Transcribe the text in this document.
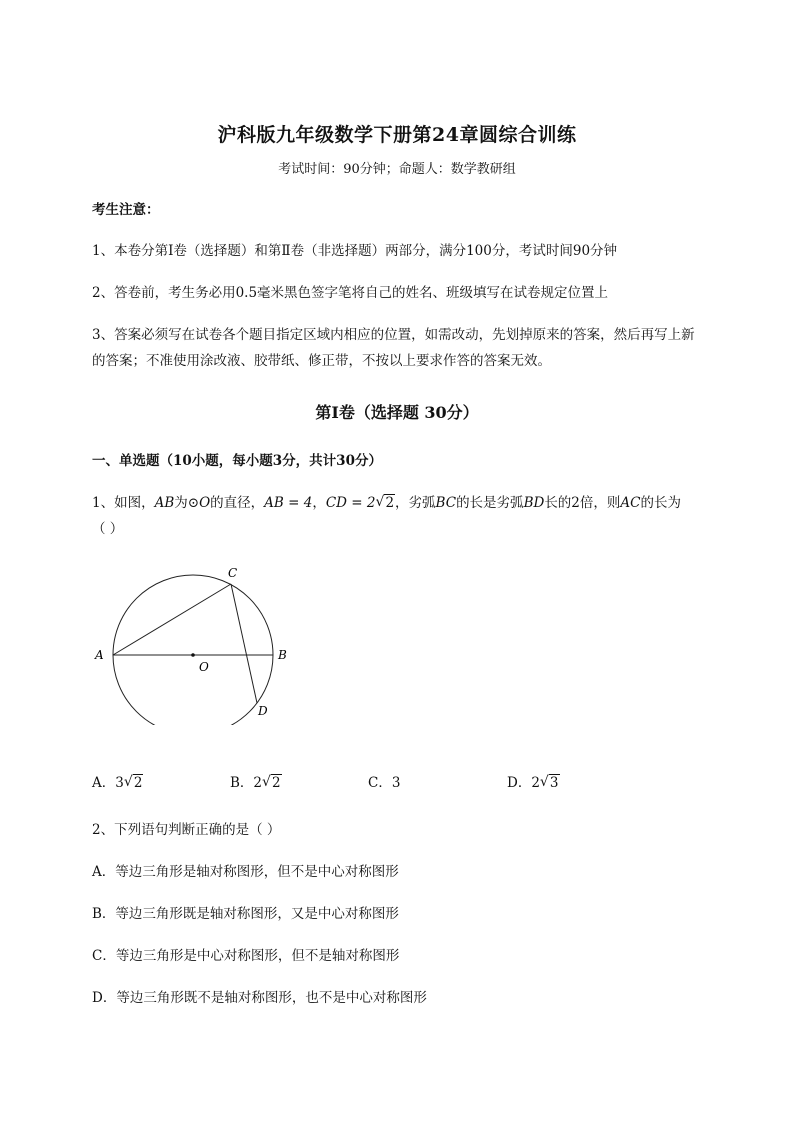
沪科版九年级数学下册第24章圆综合训练
考试时间：90分钟；命题人：数学教研组
考生注意：
1、本卷分第I卷（选择题）和第Ⅱ卷（非选择题）两部分，满分100分，考试时间90分钟
2、答卷前，考生务必用0.5毫米黑色签字笔将自己的姓名、班级填写在试卷规定位置上
3、答案必须写在试卷各个题目指定区域内相应的位置，如需改动，先划掉原来的答案，然后再写上新
的答案；不准使用涂改液、胶带纸、修正带，不按以上要求作答的答案无效。
第I卷（选择题 30分）
一、单选题（10小题，每小题3分，共计30分）
1、如图，AB为⊙O的直径，AB = 4，CD = 2 √ 2，劣弧BC的长是劣弧BD长的2倍，则AC的长为
（ ）
A	B
C
D
O
A．3 √ 2	B．2 √ 2	C．3	D．2 √ 3
2、下列语句判断正确的是（ ）
A．等边三角形是轴对称图形，但不是中心对称图形
B．等边三角形既是轴对称图形，又是中心对称图形
C．等边三角形是中心对称图形，但不是轴对称图形
D．等边三角形既不是轴对称图形，也不是中心对称图形
